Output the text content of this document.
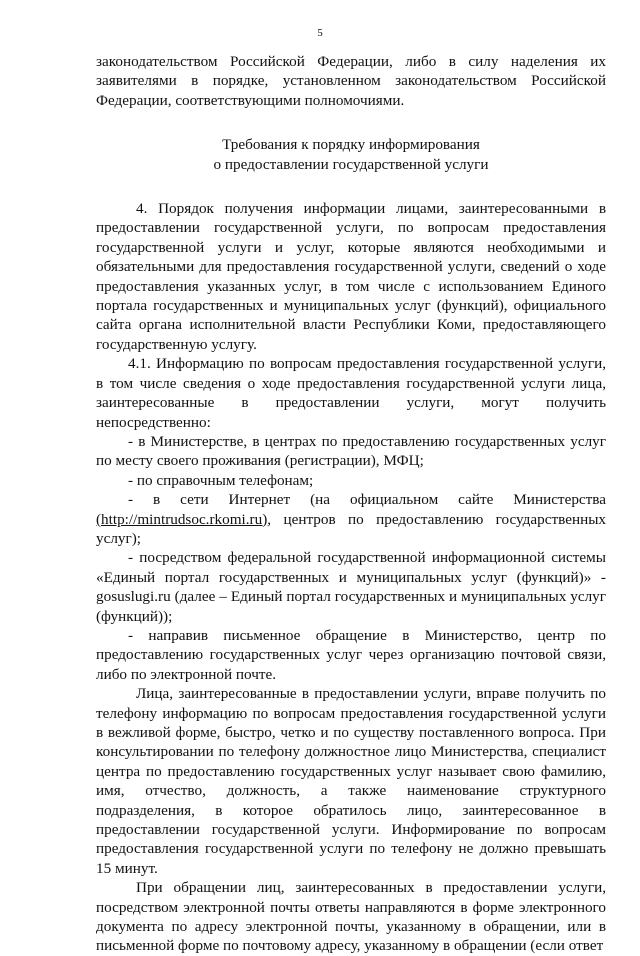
5

законодательством Российской Федерации, либо в силу наделения их заявителями в порядке, установленном законодательством Российской Федерации, соответствующими полномочиями.

Требования к порядку информирования
о предоставлении государственной услуги

4. Порядок получения информации лицами, заинтересованными в предоставлении государственной услуги, по вопросам предоставления государственной услуги и услуг, которые являются необходимыми и обязательными для предоставления государственной услуги, сведений о ходе предоставления указанных услуг, в том числе с использованием Единого портала государственных и муниципальных услуг (функций), официального сайта органа исполнительной власти Республики Коми, предоставляющего государственную услугу.

4.1. Информацию по вопросам предоставления государственной услуги, в том числе сведения о ходе предоставления государственной услуги лица, заинтересованные в предоставлении услуги, могут получить непосредственно:

- в Министерстве, в центрах по предоставлению государственных услуг по месту своего проживания (регистрации), МФЦ;

- по справочным телефонам;

- в сети Интернет (на официальном сайте Министерства (http://mintrudsoc.rkomi.ru), центров по предоставлению государственных услуг);

- посредством федеральной государственной информационной системы «Единый портал государственных и муниципальных услуг (функций)» - gosuslugi.ru (далее – Единый портал государственных и муниципальных услуг (функций));

- направив письменное обращение в Министерство, центр по предоставлению государственных услуг через организацию почтовой связи, либо по электронной почте.

Лица, заинтересованные в предоставлении услуги, вправе получить по телефону информацию по вопросам предоставления государственной услуги в вежливой форме, быстро, четко и по существу поставленного вопроса. При консультировании по телефону должностное лицо Министерства, специалист центра по предоставлению государственных услуг называет свою фамилию, имя, отчество, должность, а также наименование структурного подразделения, в которое обратилось лицо, заинтересованное в предоставлении государственной услуги. Информирование по вопросам предоставления государственной услуги по телефону не должно превышать 15 минут.

При обращении лиц, заинтересованных в предоставлении услуги, посредством электронной почты ответы направляются в форме электронного документа по адресу электронной почты, указанному в обращении, или в письменной форме по почтовому адресу, указанному в обращении (если ответ
